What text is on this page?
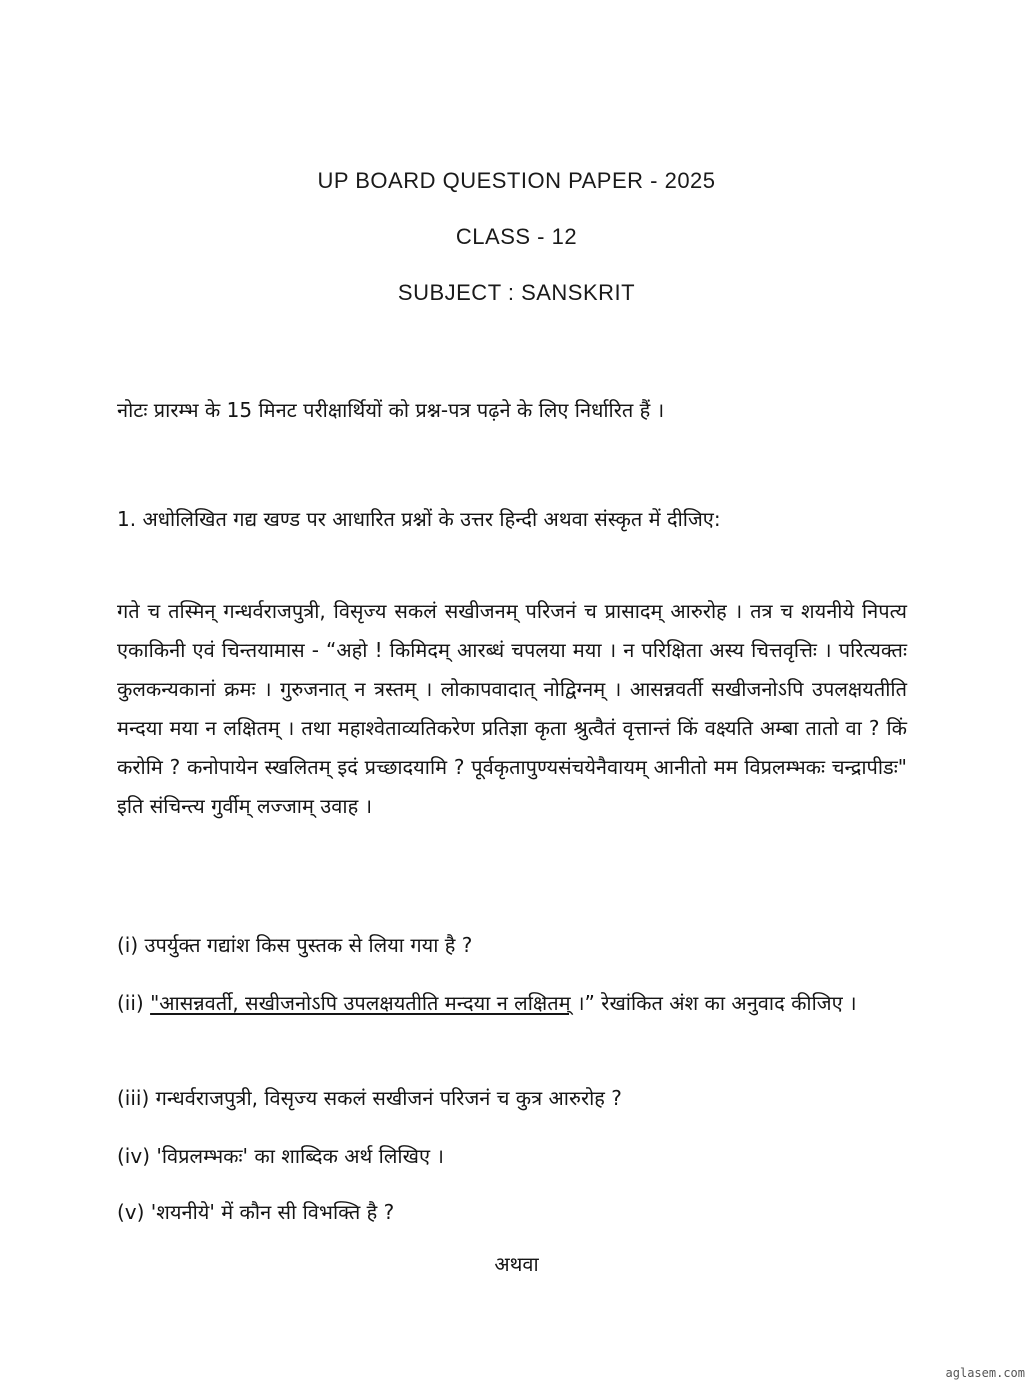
UP BOARD QUESTION PAPER - 2025
CLASS - 12
SUBJECT : SANSKRIT
नोटः प्रारम्भ के 15 मिनट परीक्षार्थियों को प्रश्न-पत्र पढ़ने के लिए निर्धारित हैं ।
1. अधोलिखित गद्य खण्ड पर आधारित प्रश्नों के उत्तर हिन्दी अथवा संस्कृत में दीजिए:
गते च तस्मिन् गन्धर्वराजपुत्री, विसृज्य सकलं सखीजनम् परिजनं च प्रासादम् आरुरोह । तत्र च शयनीये निपत्य एकाकिनी एवं चिन्तयामास - “अहो ! किमिदम् आरब्धं चपलया मया । न परिक्षिता अस्य चित्तवृत्तिः । परित्यक्तः कुलकन्यकानां क्रमः । गुरुजनात् न त्रस्तम् । लोकापवादात् नोद्विग्नम् । आसन्नवर्ती सखीजनोऽपि उपलक्षयतीति मन्दया मया न लक्षितम् । तथा महाश्वेताव्यतिकरेण प्रतिज्ञा कृता श्रुत्वैतं वृत्तान्तं किं वक्ष्यति अम्बा तातो वा ? किं करोमि ? कनोपायेन स्खलितम् इदं प्रच्छादयामि ? पूर्वकृतापुण्यसंचयेनैवायम् आनीतो मम विप्रलम्भकः चन्द्रापीडः" इति संचिन्त्य गुर्वीम् लज्जाम् उवाह ।
(i) उपर्युक्त गद्यांश किस पुस्तक से लिया गया है ?
(ii) "आसन्नवर्ती, सखीजनोऽपि उपलक्षयतीति मन्दया न लक्षितम् ।” रेखांकित अंश का अनुवाद कीजिए ।
(iii) गन्धर्वराजपुत्री, विसृज्य सकलं सखीजनं परिजनं च कुत्र आरुरोह ?
(iv) 'विप्रलम्भकः' का शाब्दिक अर्थ लिखिए ।
(v) 'शयनीये' में कौन सी विभक्ति है ?
अथवा
aglasem.com
